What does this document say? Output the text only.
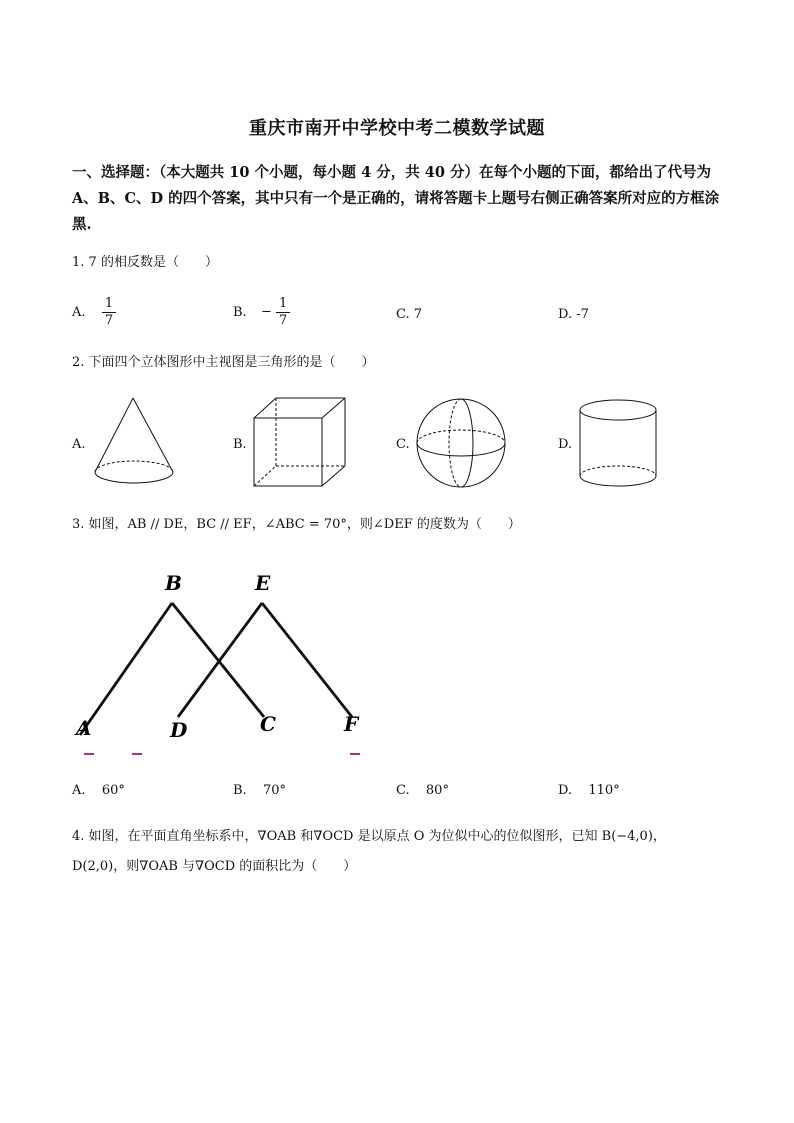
重庆市南开中学校中考二模数学试题
一、选择题：（本大题共 10 个小题，每小题 4 分，共 40 分）在每个小题的下面，都给出了代号为 A、B、C、D 的四个答案，其中只有一个是正确的，请将答题卡上题号右侧正确答案所对应的方框涂黑.
1. 7 的相反数是（　　）
A. $\frac{1}{7}$	B. − $\frac{1}{7}$	C. 7	D. -7
2. 下面四个立体图形中主视图是三角形的是（　　）
A.	B.	C.	D.
3. 如图，AB // DE，BC // EF，∠ABC = 70°，则∠DEF 的度数为（　　）
B	E
A	D	C	F
A. 60°	B. 70°	C. 80°	D. 110°
4. 如图，在平面直角坐标系中，∇OAB 和∇OCD 是以原点 O 为位似中心的位似图形，已知 B(−4,0)，
D(2,0)，则∇OAB 与∇OCD 的面积比为（　　）
